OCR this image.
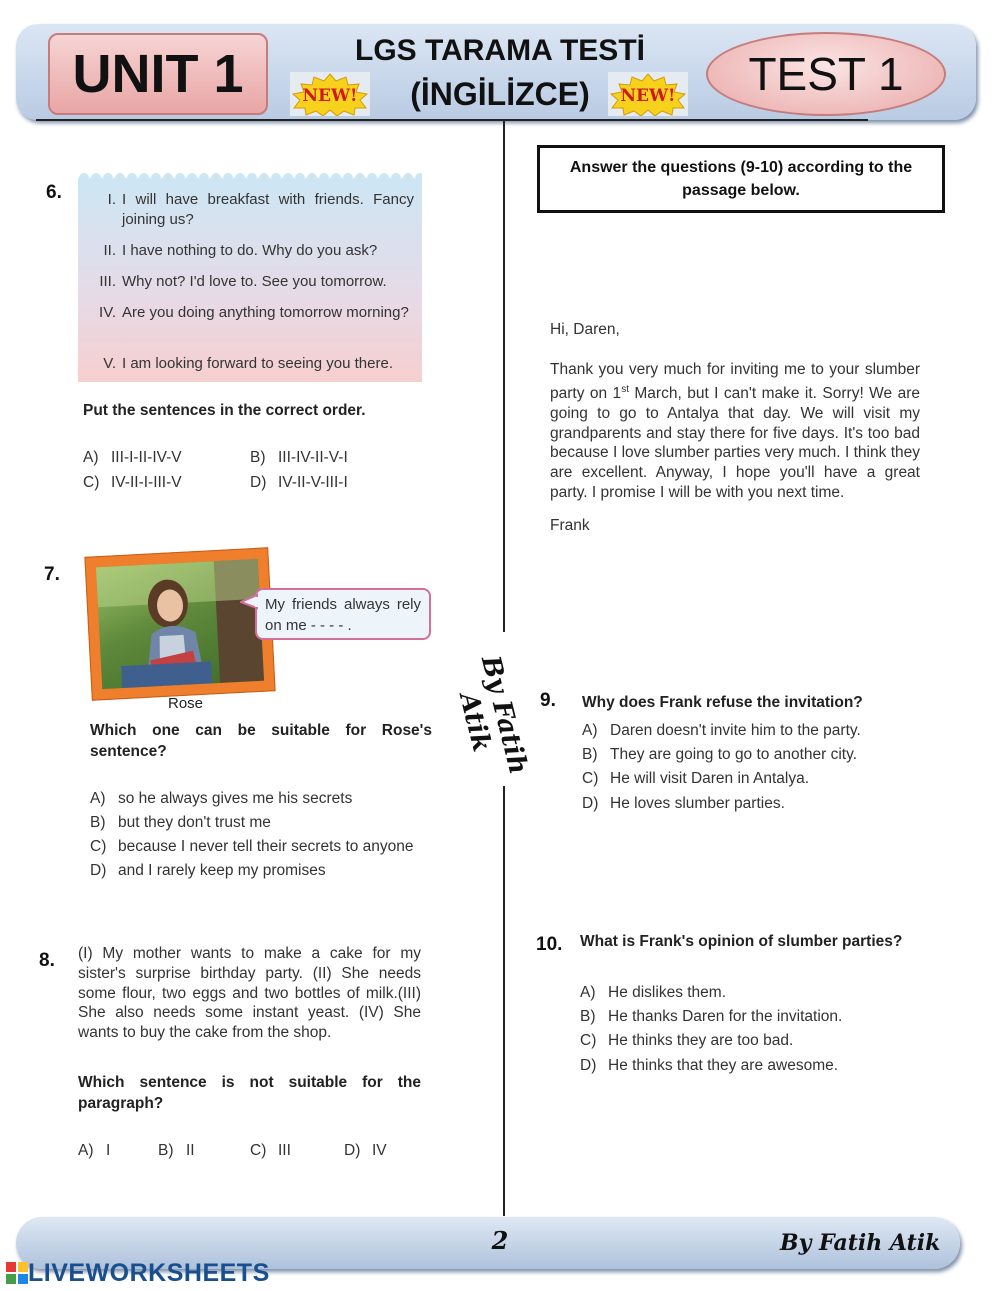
UNIT 1	LGS TARAMA TESTİ
(İNGİLİZCE)
NEW!	NEW!	TEST 1
By Fatih Atik
6.	I. I will have breakfast with friends. Fancy joining us?
II. I have nothing to do. Why do you ask?
III. Why not? I'd love to. See you tomorrow.
IV. Are you doing anything tomorrow morning?
V. I am looking forward to seeing you there.
Put the sentences in the correct order.
A) III-I-II-IV-V	B) III-IV-II-V-I
C) IV-II-I-III-V	D) IV-II-V-III-I
7.
Rose
My friends always rely on me - - - - .
Which one can be suitable for Rose's sentence?
A) so he always gives me his secrets
B) but they don't trust me
C) because I never tell their secrets to anyone
D) and I rarely keep my promises
8. (I) My mother wants to make a cake for my sister's surprise birthday party. (II) She needs some flour, two eggs and two bottles of milk.(III) She also needs some instant yeast. (IV) She wants to buy the cake from the shop.
Which sentence is not suitable for the paragraph?
A) I	B) II	C) III	D) IV
Answer the questions (9-10) according to the passage below.
Hi, Daren,
Thank you very much for inviting me to your slumber party on 1st March, but I can't make it. Sorry! We are going to go to Antalya that day. We will visit my grandparents and stay there for five days. It's too bad because I love slumber parties very much. I think they are excellent. Anyway, I hope you'll have a great party. I promise I will be with you next time.
Frank
9. Why does Frank refuse the invitation?
A) Daren doesn't invite him to the party.
B) They are going to go to another city.
C) He will visit Daren in Antalya.
D) He loves slumber parties.
10. What is Frank's opinion of slumber parties?
A) He dislikes them.
B) He thanks Daren for the invitation.
C) He thinks they are too bad.
D) He thinks that they are awesome.
2	By Fatih Atik
LIVEWORKSHEETS
